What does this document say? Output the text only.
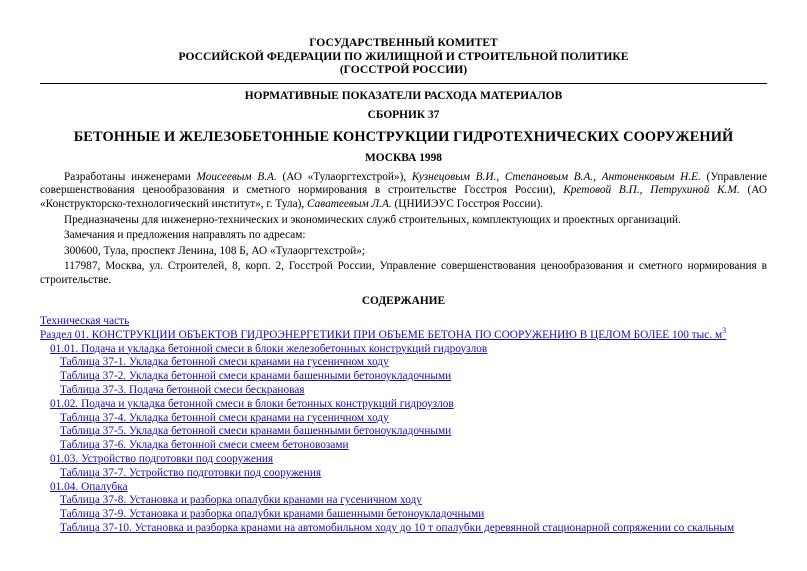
ГОСУДАРСТВЕННЫЙ КОМИТЕТ
РОССИЙСКОЙ ФЕДЕРАЦИИ ПО ЖИЛИЩНОЙ И СТРОИТЕЛЬНОЙ ПОЛИТИКЕ
(ГОССТРОЙ РОССИИ)
НОРМАТИВНЫЕ ПОКАЗАТЕЛИ РАСХОДА МАТЕРИАЛОВ
СБОРНИК 37
БЕТОННЫЕ И ЖЕЛЕЗОБЕТОННЫЕ КОНСТРУКЦИИ ГИДРОТЕХНИЧЕСКИХ СООРУЖЕНИЙ
МОСКВА 1998
Разработаны инженерами Моисеевым В.А. (АО «Тулаоргтехстрой»), Кузнецовым В.И., Степановым В.А., Антоненковым Н.Е. (Управление совершенствования ценообразования и сметного нормирования в строительстве Госстроя России), Кретовой В.П., Петрухиной К.М. (АО «Конструкторско-технологический институт», г. Тула), Саватеевым Л.А. (ЦНИИЭУС Госстроя России).
Предназначены для инженерно-технических и экономических служб строительных, комплектующих и проектных организаций.
Замечания и предложения направлять по адресам:
300600, Тула, проспект Ленина, 108 Б, АО «Тулаоргтехстрой»;
117987, Москва, ул. Строителей, 8, корп. 2, Госстрой России, Управление совершенствования ценообразования и сметного нормирования в строительстве.
СОДЕРЖАНИЕ
Техническая часть
Раздел 01. КОНСТРУКЦИИ ОБЪЕКТОВ ГИДРОЭНЕРГЕТИКИ ПРИ ОБЪЕМЕ БЕТОНА ПО СООРУЖЕНИЮ В ЦЕЛОМ БОЛЕЕ 100 тыс. $м^3$
01.01. Подача и укладка бетонной смеси в блоки железобетонных конструкций гидроузлов
Таблица 37-1. Укладка бетонной смеси кранами на гусеничном ходу
Таблица 37-2. Укладка бетонной смеси кранами башенными бетоноукладочными
Таблица 37-3. Подача бетонной смеси бескрановая
01.02. Подача и укладка бетонной смеси в блоки бетонных конструкций гидроузлов
Таблица 37-4. Укладка бетонной смеси кранами на гусеничном ходу
Таблица 37-5. Укладка бетонной смеси кранами башенными бетоноукладочными
Таблица 37-6. Укладка бетонной смеси смеем бетоновозами
01.03. Устройство подготовки под сооружения
Таблица 37-7. Устройство подготовки под сооружения
01.04. Опалубка
Таблица 37-8. Установка и разборка опалубки кранами на гусеничном ходу
Таблица 37-9. Установка и разборка опалубки кранами башенными бетоноукладочными
Таблица 37-10. Установка и разборка кранами на автомобильном ходу до 10 т опалубки деревянной стационарной сопряжении со скальным
